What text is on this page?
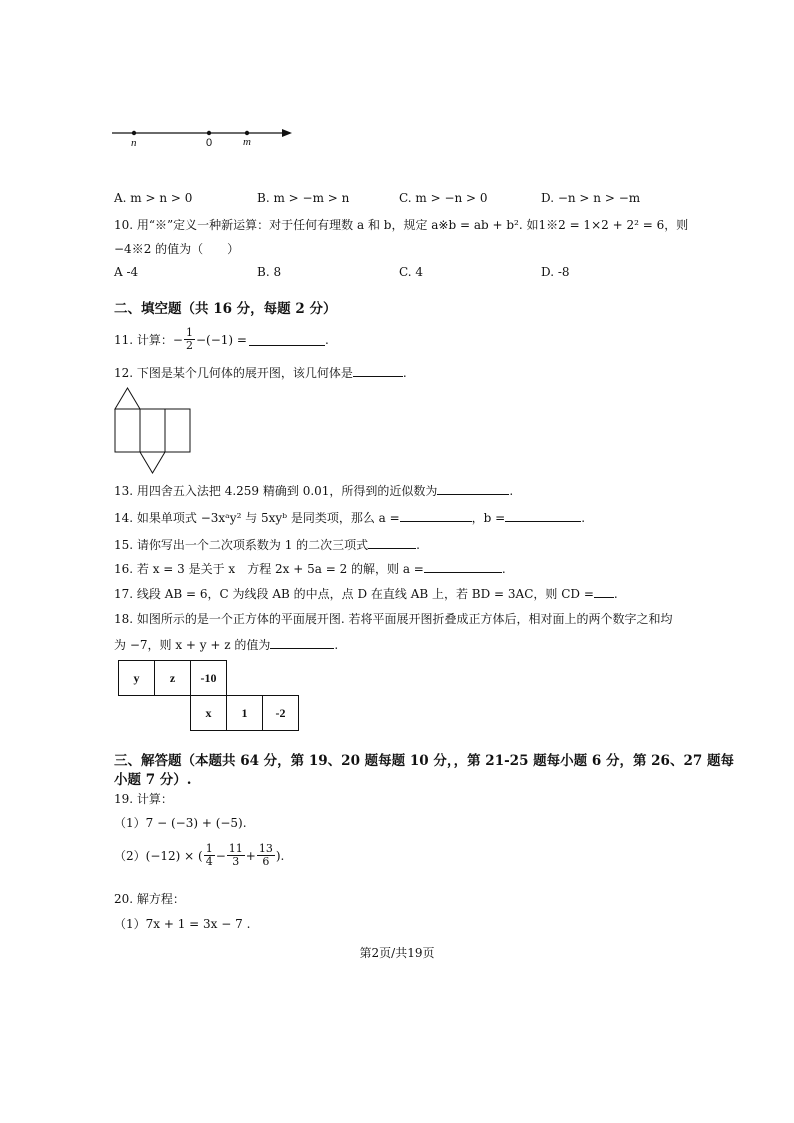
n	0	m
A. m > n > 0	B. m > −m > n	C. m > −n > 0	D. −n > n > −m
10. 用“※”定义一种新运算：对于任何有理数 a 和 b，规定 a※b = ab + b². 如1※2 = 1×2 + 2² = 6，则
−4※2 的值为（　　）
A -4	B. 8	C. 4	D. -8
二、填空题（共 16 分，每题 2 分）
11. 计算： − $\frac{1}{2} -(-1)$ =	.
12. 下图是某个几何体的展开图，该几何体是	.
13. 用四舍五入法把 4.259 精确到 0.01，所得到的近似数为	.
14. 如果单项式 −3xᵃy² 与 5xyᵇ 是同类项，那么 a =	，b =	.
15. 请你写出一个二次项系数为 1 的二次三项式	.
16. 若 x = 3 是关于 x　方程 2x + 5a = 2 的解，则 a =	.
17. 线段 AB = 6，C 为线段 AB 的中点，点 D 在直线 AB 上，若 BD = 3AC，则 CD = .
18. 如图所示的是一个正方体的平面展开图. 若将平面展开图折叠成正方体后，相对面上的两个数字之和均
为 −7，则 x + y + z 的值为	.
y	z	-10		
		x	1	-2
三、解答题（本题共 64 分，第 19、20 题每题 10 分，，第 21-25 题每小题 6 分，第 26、27 题每
小题 7 分）.
19. 计算：
（1）7 − (−3) + (−5).
（2）(−12) × ( $\frac{1}{4} - \frac{11}{3} + \frac{13}{6}$ ).
20. 解方程：
（1）7x + 1 = 3x − 7 .
第2页/共19页
